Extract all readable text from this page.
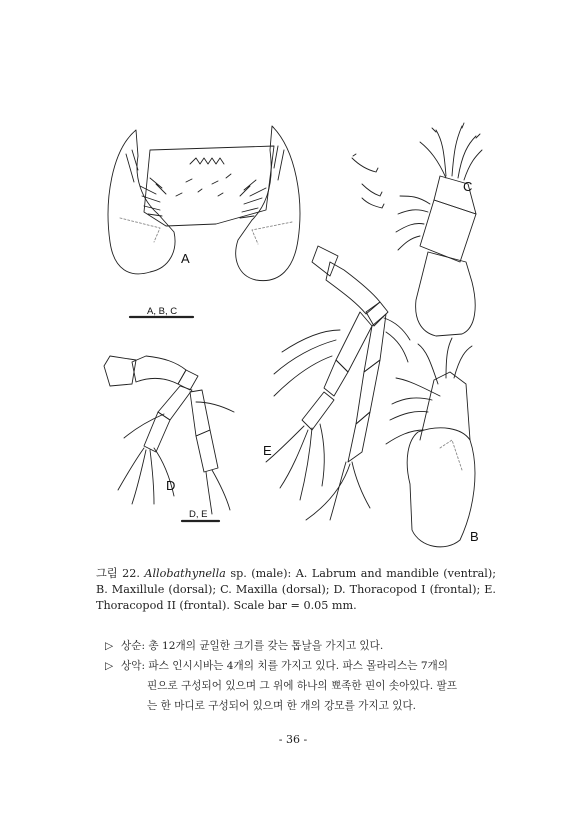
A
C
B
E
D
A, B, C
D, E
그림 22. Allobathynella sp. (male): A. Labrum and mandible (ventral); B. Maxillule (dorsal); C. Maxilla (dorsal); D. Thoracopod I (frontal); E. Thoracopod II (frontal). Scale bar = 0.05 mm.
▷ 상순: 총 12개의 균일한 크기를 갖는 톱날을 가지고 있다.
▷ 상악: 파스 인시시바는 4개의 치를 가지고 있다. 파스 몰라리스는 7개의
핀으로 구성되어 있으며 그 위에 하나의 뾰족한 핀이 솟아있다. 팔프
는 한 마디로 구성되어 있으며 한 개의 강모를 가지고 있다.
- 36 -
